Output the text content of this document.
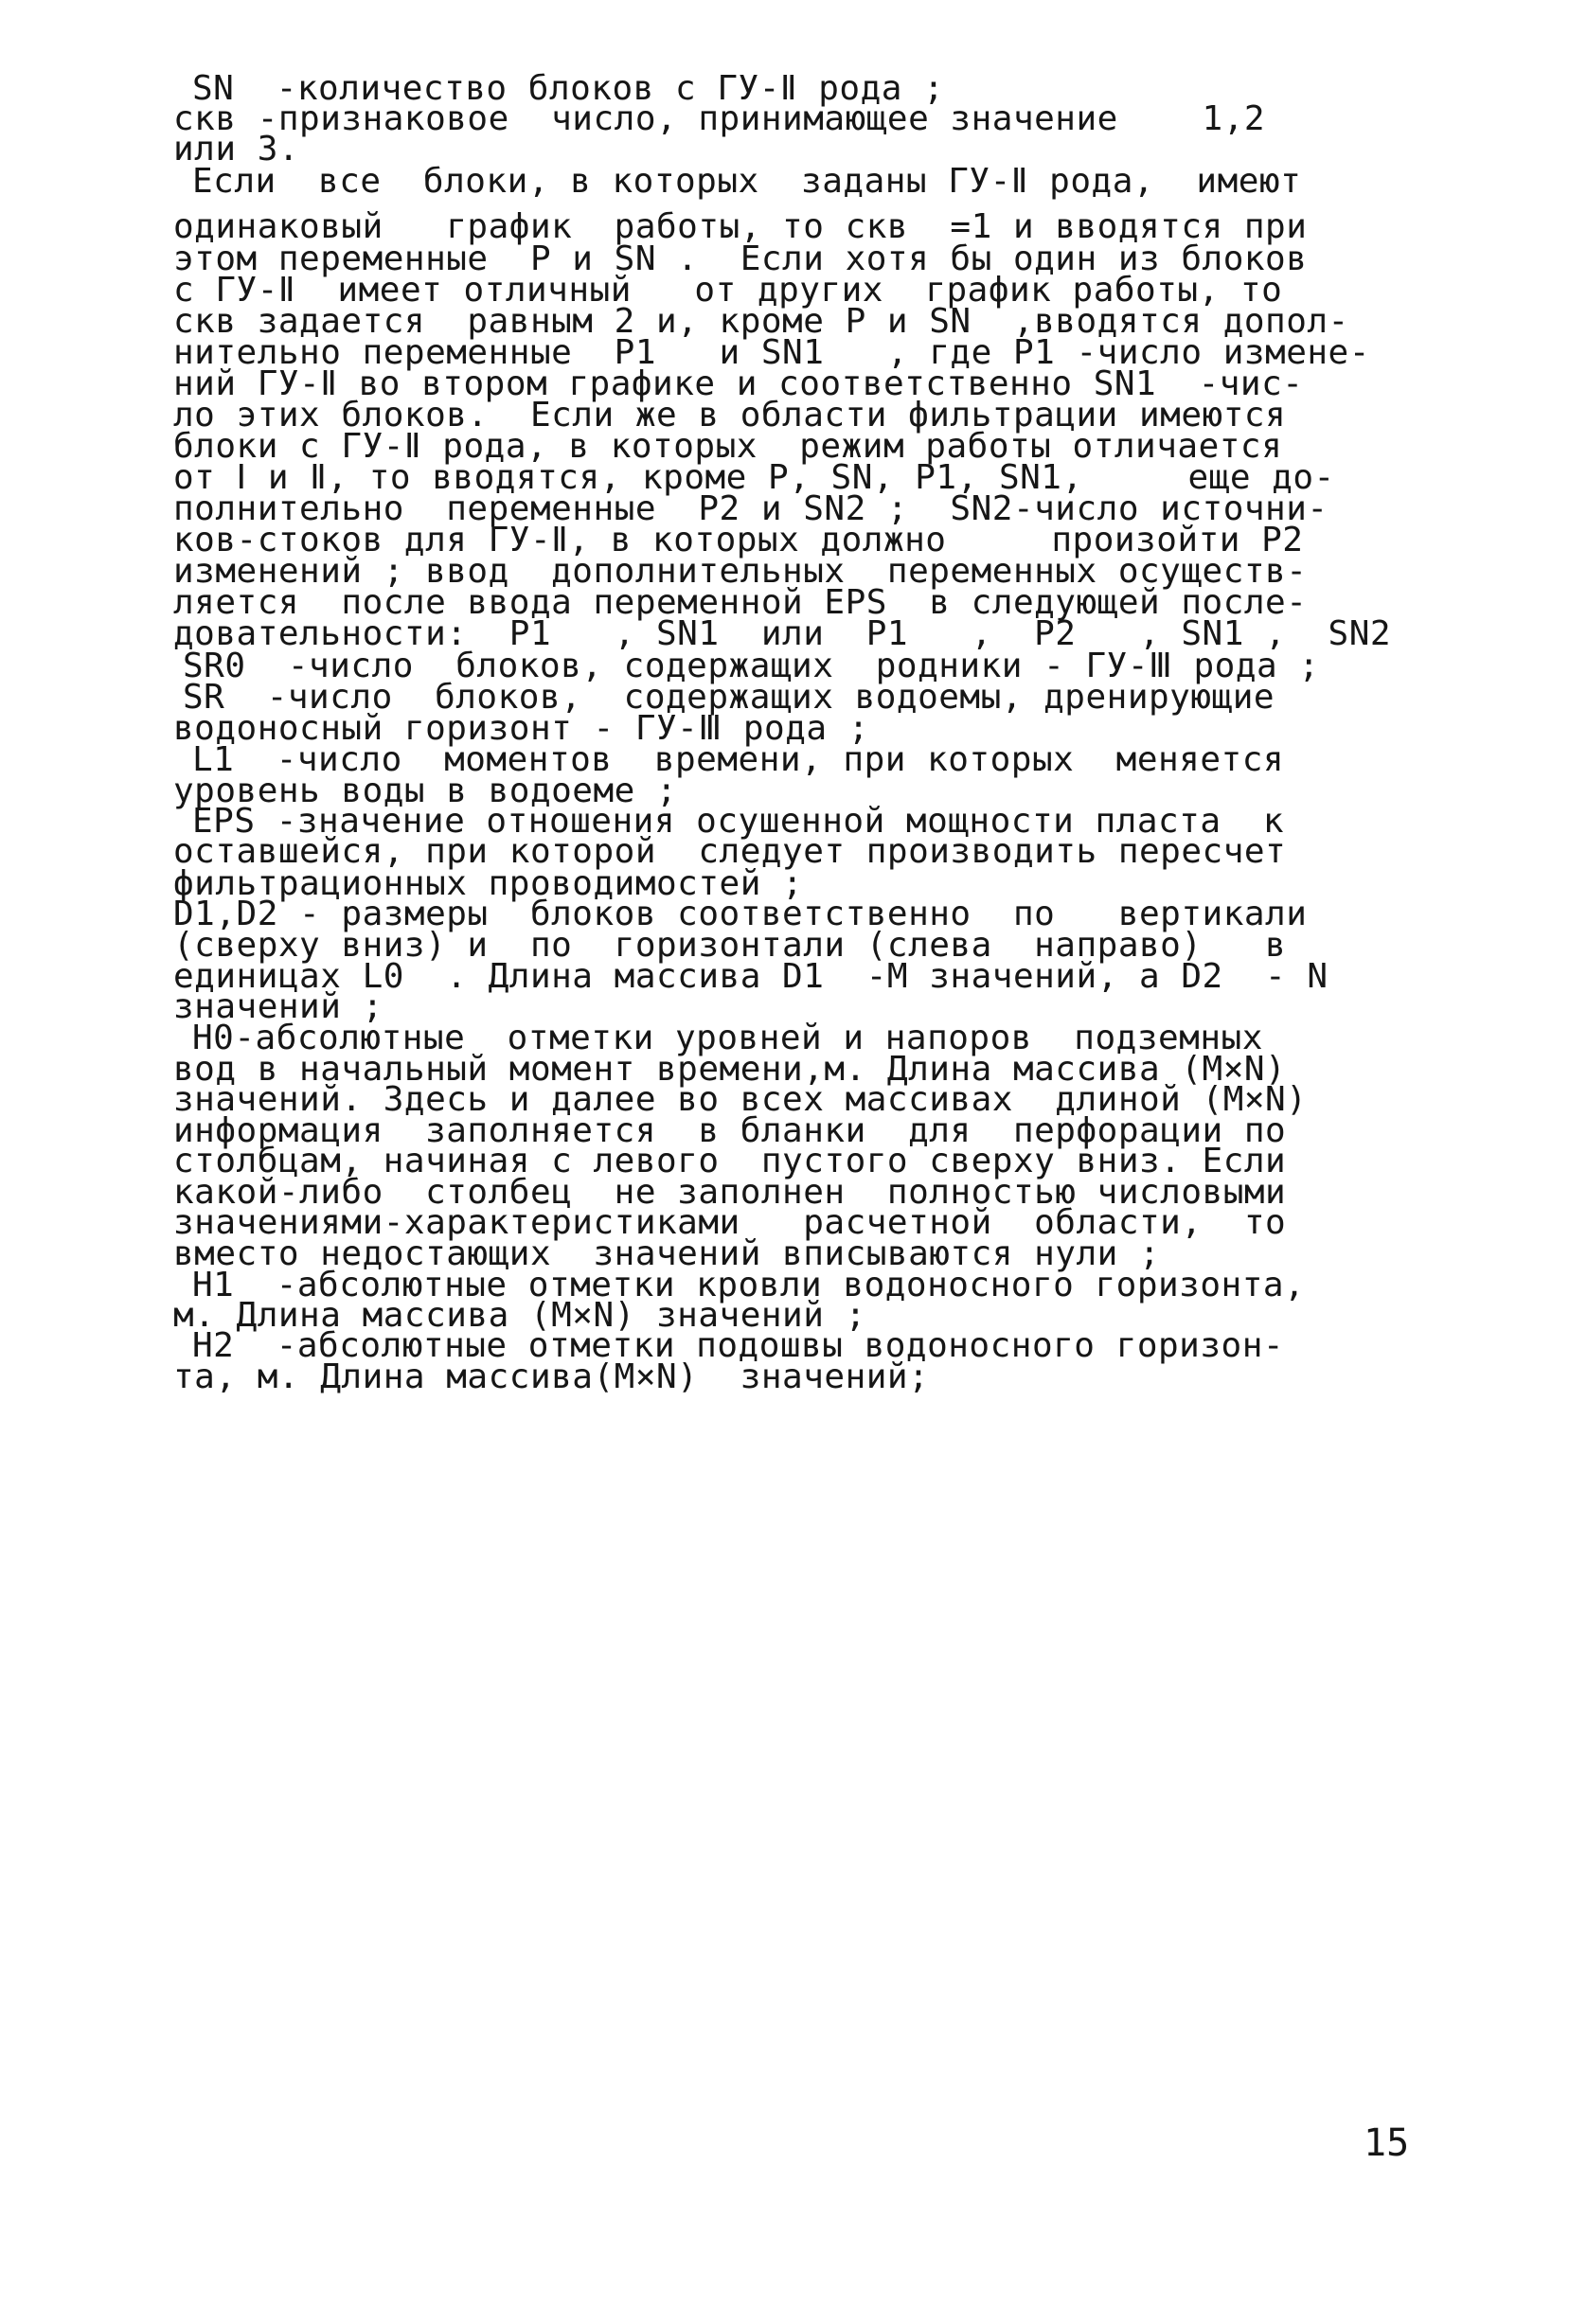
SN  -количество блоков с ГУ-Ⅱ рода ;
скв -признаковое  число, принимающее значение    1,2
или 3.
Если  все  блоки, в которых  заданы ГУ-Ⅱ рода,  имеют
одинаковый   график  работы, то скв  =1 и вводятся при
этом переменные  P и SN .  Если хотя бы один из блоков
с ГУ-Ⅱ  имеет отличный   от других  график работы, то
скв задается  равным 2 и, кроме P и SN  ,вводятся допол-
нительно переменные  P1   и SN1   , где P1 -число измене-
ний ГУ-Ⅱ во втором графике и соответственно SN1  -чис-
ло этих блоков.  Если же в области фильтрации имеются
блоки с ГУ-Ⅱ рода, в которых  режим работы отличается
от Ⅰ и Ⅱ, то вводятся, кроме P, SN, P1, SN1,     еще до-
полнительно  переменные  P2 и SN2 ;  SN2-число источни-
ков-стоков для ГУ-Ⅱ, в которых должно     произойти P2
изменений ; ввод  дополнительных  переменных осуществ-
ляется  после ввода переменной EPS  в следующей после-
довательности:  P1   , SN1  или  P1   ,  P2   , SN1 ,  SN2
SR0  -число  блоков, содержащих  родники - ГУ-Ⅲ рода ;
SR  -число  блоков,  содержащих водоемы, дренирующие
водоносный горизонт - ГУ-Ⅲ рода ;
L1  -число  моментов  времени, при которых  меняется
уровень воды в водоеме ;
EPS -значение отношения осушенной мощности пласта  к
оставшейся, при которой  следует производить пересчет
фильтрационных проводимостей ;
D1,D2 - размеры  блоков соответственно  по   вертикали
(сверху вниз) и  по  горизонтали (слева  направо)   в
единицах L0  . Длина массива D1  -M значений, а D2  - N
значений ;
H0-абсолютные  отметки уровней и напоров  подземных
вод в начальный момент времени,м. Длина массива (M×N)
значений. Здесь и далее во всех массивах  длиной (M×N)
информация  заполняется  в бланки  для  перфорации по
столбцам, начиная с левого  пустого сверху вниз. Если
какой-либо  столбец  не заполнен  полностью числовыми
значениями-характеристиками   расчетной  области,  то
вместо недостающих  значений вписываются нули ;
H1  -абсолютные отметки кровли водоносного горизонта,
м. Длина массива (M×N) значений ;
H2  -абсолютные отметки подошвы водоносного горизон-
та, м. Длина массива(M×N)  значений;
15
